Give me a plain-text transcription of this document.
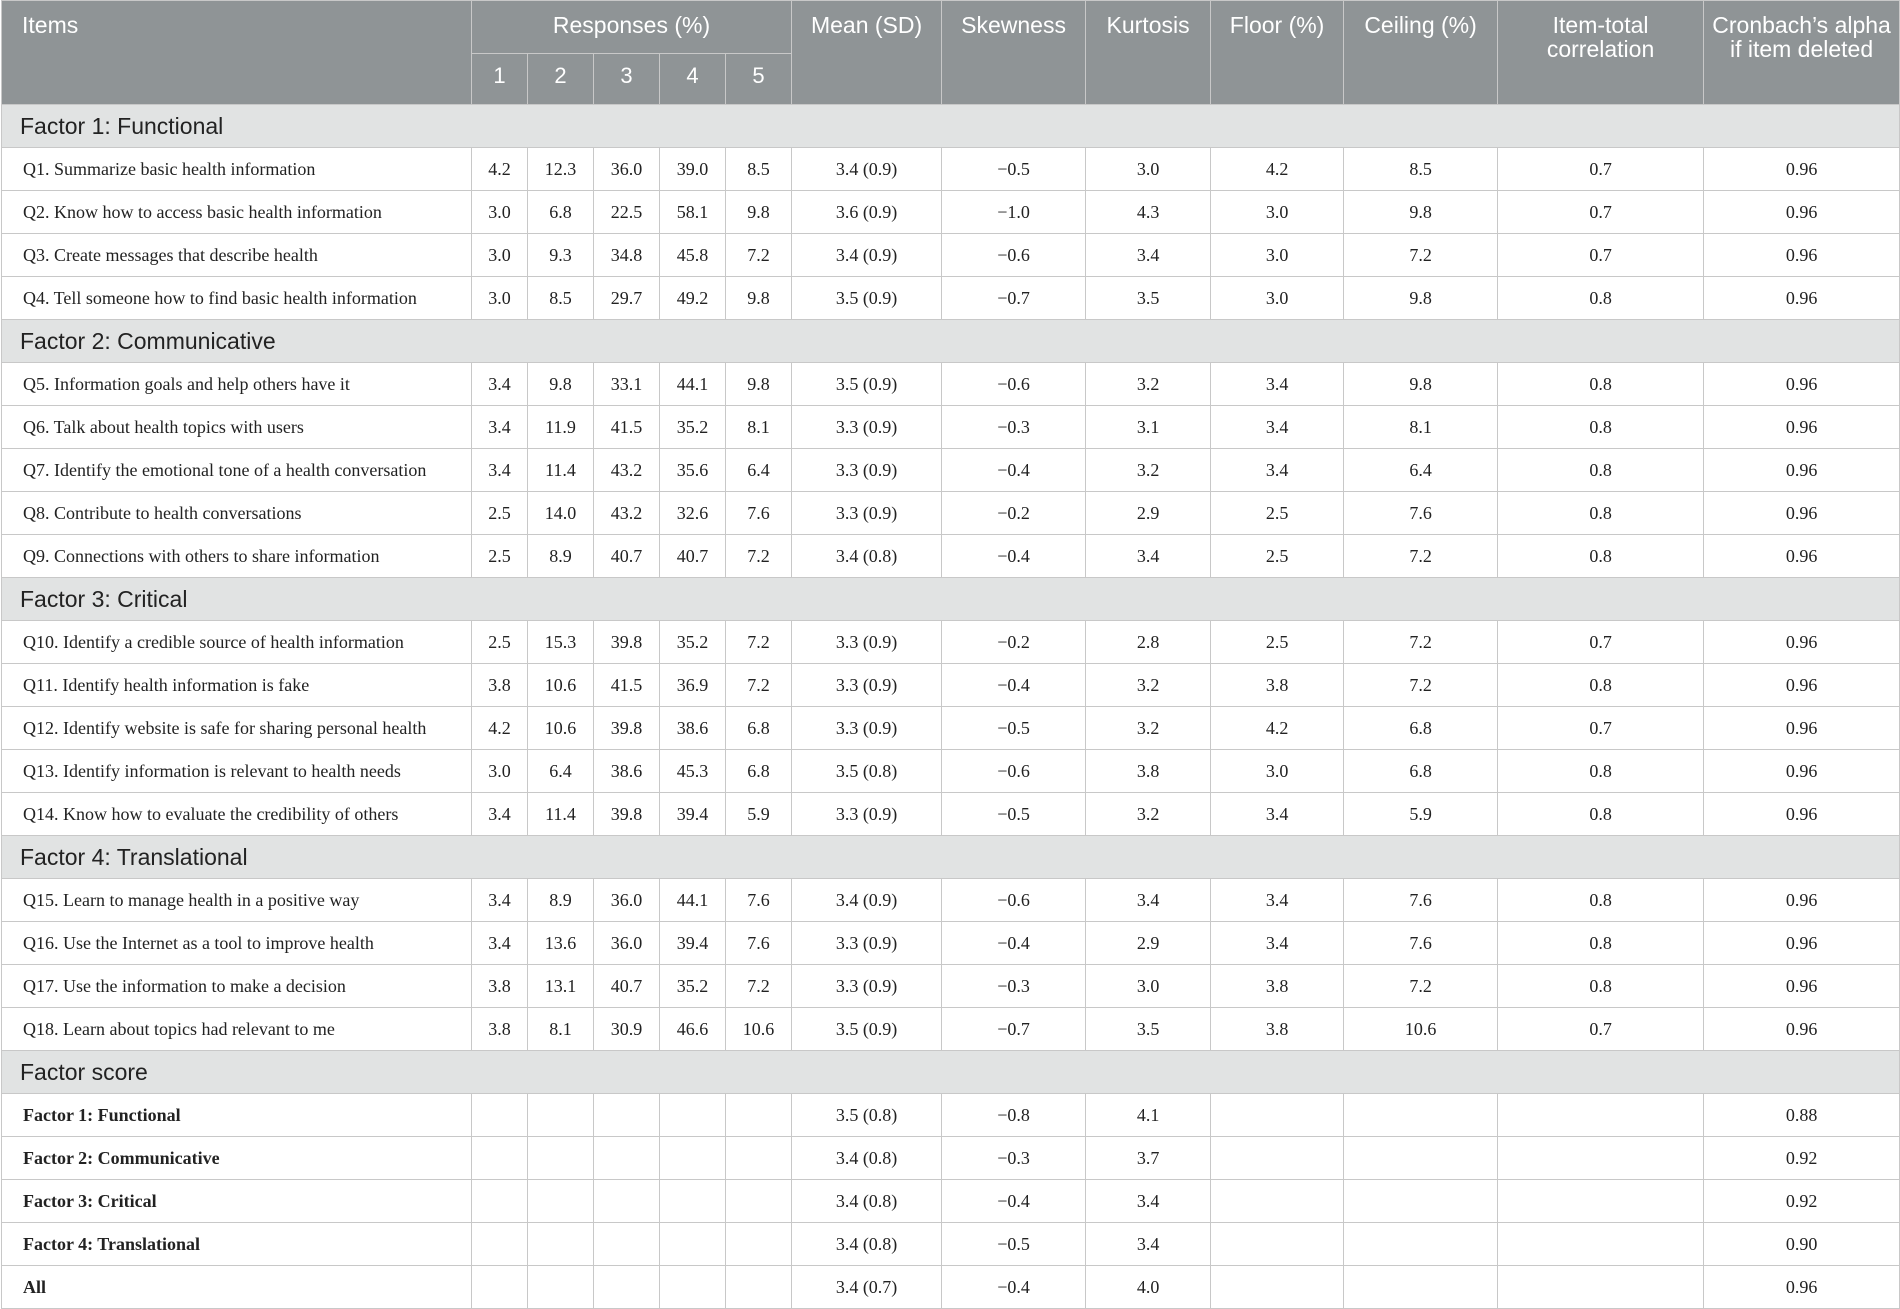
Items	Responses (%)					Mean (SD)	Skewness	Kurtosis	Floor (%)	Ceiling (%)	Item-total correlation	Cronbach’s alpha if item deleted
	1	2	3	4	5							
Factor 1: Functional												
Q1. Summarize basic health information	4.2	12.3	36.0	39.0	8.5	3.4 (0.9)	−0.5	3.0	4.2	8.5	0.7	0.96
Q2. Know how to access basic health information	3.0	6.8	22.5	58.1	9.8	3.6 (0.9)	−1.0	4.3	3.0	9.8	0.7	0.96
Q3. Create messages that describe health	3.0	9.3	34.8	45.8	7.2	3.4 (0.9)	−0.6	3.4	3.0	7.2	0.7	0.96
Q4. Tell someone how to find basic health information	3.0	8.5	29.7	49.2	9.8	3.5 (0.9)	−0.7	3.5	3.0	9.8	0.8	0.96
Factor 2: Communicative												
Q5. Information goals and help others have it	3.4	9.8	33.1	44.1	9.8	3.5 (0.9)	−0.6	3.2	3.4	9.8	0.8	0.96
Q6. Talk about health topics with users	3.4	11.9	41.5	35.2	8.1	3.3 (0.9)	−0.3	3.1	3.4	8.1	0.8	0.96
Q7. Identify the emotional tone of a health conversation	3.4	11.4	43.2	35.6	6.4	3.3 (0.9)	−0.4	3.2	3.4	6.4	0.8	0.96
Q8. Contribute to health conversations	2.5	14.0	43.2	32.6	7.6	3.3 (0.9)	−0.2	2.9	2.5	7.6	0.8	0.96
Q9. Connections with others to share information	2.5	8.9	40.7	40.7	7.2	3.4 (0.8)	−0.4	3.4	2.5	7.2	0.8	0.96
Factor 3: Critical												
Q10. Identify a credible source of health information	2.5	15.3	39.8	35.2	7.2	3.3 (0.9)	−0.2	2.8	2.5	7.2	0.7	0.96
Q11. Identify health information is fake	3.8	10.6	41.5	36.9	7.2	3.3 (0.9)	−0.4	3.2	3.8	7.2	0.8	0.96
Q12. Identify website is safe for sharing personal health	4.2	10.6	39.8	38.6	6.8	3.3 (0.9)	−0.5	3.2	4.2	6.8	0.7	0.96
Q13. Identify information is relevant to health needs	3.0	6.4	38.6	45.3	6.8	3.5 (0.8)	−0.6	3.8	3.0	6.8	0.8	0.96
Q14. Know how to evaluate the credibility of others	3.4	11.4	39.8	39.4	5.9	3.3 (0.9)	−0.5	3.2	3.4	5.9	0.8	0.96
Factor 4: Translational												
Q15. Learn to manage health in a positive way	3.4	8.9	36.0	44.1	7.6	3.4 (0.9)	−0.6	3.4	3.4	7.6	0.8	0.96
Q16. Use the Internet as a tool to improve health	3.4	13.6	36.0	39.4	7.6	3.3 (0.9)	−0.4	2.9	3.4	7.6	0.8	0.96
Q17. Use the information to make a decision	3.8	13.1	40.7	35.2	7.2	3.3 (0.9)	−0.3	3.0	3.8	7.2	0.8	0.96
Q18. Learn about topics had relevant to me	3.8	8.1	30.9	46.6	10.6	3.5 (0.9)	−0.7	3.5	3.8	10.6	0.7	0.96
Factor score												
Factor 1: Functional						3.5 (0.8)	−0.8	4.1				0.88
Factor 2: Communicative						3.4 (0.8)	−0.3	3.7				0.92
Factor 3: Critical						3.4 (0.8)	−0.4	3.4				0.92
Factor 4: Translational						3.4 (0.8)	−0.5	3.4				0.90
All						3.4 (0.7)	−0.4	4.0				0.96
